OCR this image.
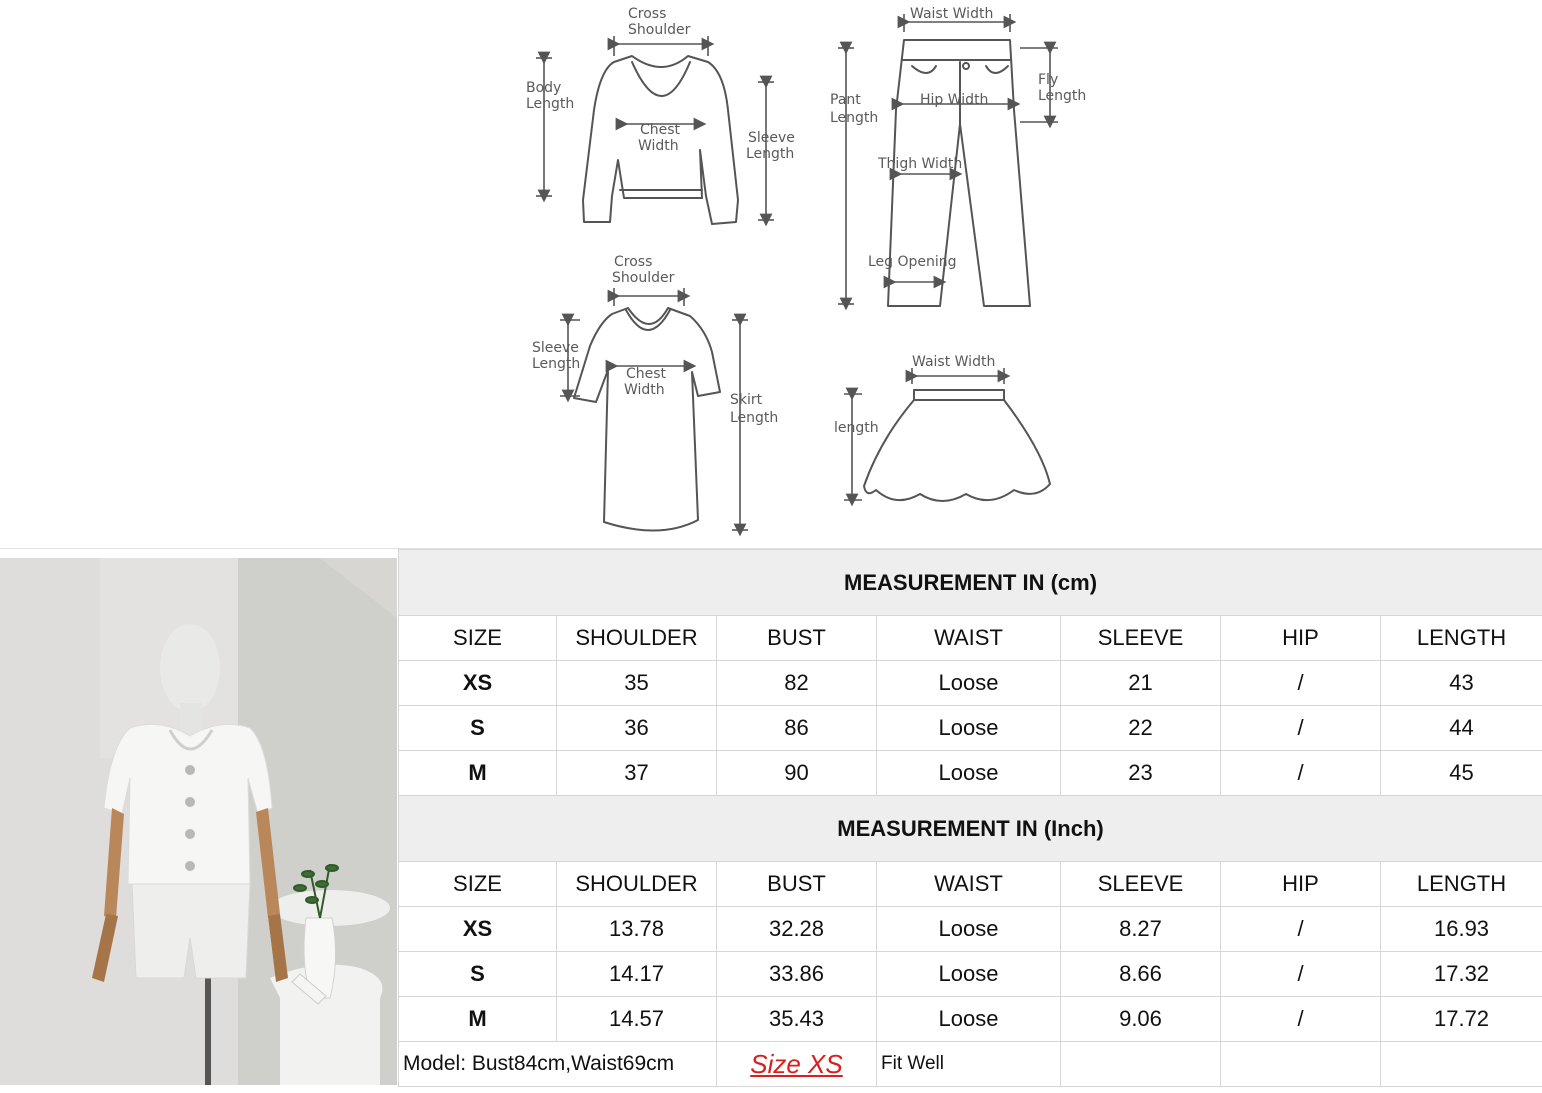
Cross
Shoulder
Body
Length
Chest
Width	Sleeve
Length
Waist Width
Pant
Length
Fly
Length
Hip Width
Thigh Width
Leg Opening
Cross
Shoulder
Sleeve
Length
Chest
Width
Skirt
Length
Waist Width
length
MEASUREMENT IN (cm)						
SIZE	SHOULDER	BUST	WAIST	SLEEVE	HIP	LENGTH
XS	35	82	Loose	21	/	43
S	36	86	Loose	22	/	44
M	37	90	Loose	23	/	45
MEASUREMENT IN (Inch)						
SIZE	SHOULDER	BUST	WAIST	SLEEVE	HIP	LENGTH
XS	13.78	32.28	Loose	8.27	/	16.93
S	14.17	33.86	Loose	8.66	/	17.32
M	14.57	35.43	Loose	9.06	/	17.72
Model: Bust84cm,Waist69cm		Size XS	Fit Well			
